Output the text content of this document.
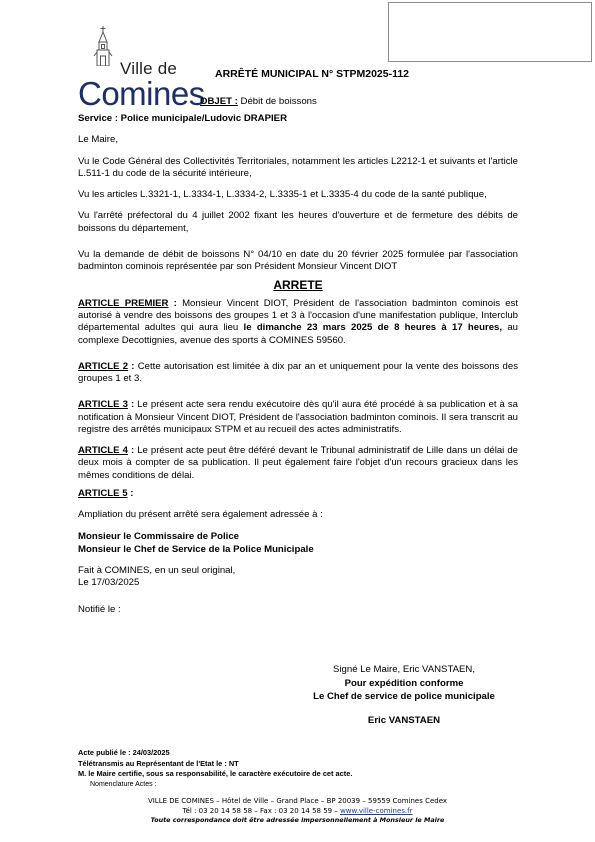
Ville de
Comines
ARRÊTÉ MUNICIPAL N° STPM2025-112
OBJET : Débit de boissons

Service : Police municipale/Ludovic DRAPIER

Le Maire,

Vu le Code Général des Collectivités Territoriales, notamment les articles L2212-1 et suivants et l'article L.511-1 du code de la sécurité intérieure,

Vu les articles L.3321-1, L.3334-1, L.3334-2, L.3335-1 et L.3335-4 du code de la santé publique,

Vu l'arrêté préfectoral du 4 juillet 2002 fixant les heures d'ouverture et de fermeture des débits de boissons du département,

Vu la demande de débit de boissons N° 04/10 en date du 20 février 2025 formulée par l'association badminton cominois représentée par son Président Monsieur Vincent DIOT

ARRETE

ARTICLE PREMIER : Monsieur Vincent DIOT, Président de l'association badminton cominois est autorisé à vendre des boissons des groupes 1 et 3 à l'occasion d'une manifestation publique, Interclub départemental adultes qui aura lieu le dimanche 23 mars 2025 de 8 heures à 17 heures, au complexe Decottignies, avenue des sports à COMINES 59560.

ARTICLE 2 : Cette autorisation est limitée à dix par an et uniquement pour la vente des boissons des groupes 1 et 3.

ARTICLE 3 : Le présent acte sera rendu exécutoire dès qu'il aura été procédé à sa publication et à sa notification à Monsieur Vincent DIOT, Président de l'association badminton cominois. Il sera transcrit au registre des arrêtés municipaux STPM et au recueil des actes administratifs.

ARTICLE 4 : Le présent acte peut être déféré devant le Tribunal administratif de Lille dans un délai de deux mois à compter de sa publication. Il peut également faire l'objet d'un recours gracieux dans les mêmes conditions de délai.

ARTICLE 5 :

Ampliation du présent arrêté sera également adressée à :

Monsieur le Commissaire de Police

Monsieur le Chef de Service de la Police Municipale

Fait à COMINES, en un seul original,

Le 17/03/2025

Notifié le :

Signé Le Maire, Eric VANSTAEN,
Pour expédition conforme
Le Chef de service de police municipale
Eric VANSTAEN
Acte publié le : 24/03/2025
Télétransmis au Représentant de l'Etat le : NT
M. le Maire certifie, sous sa responsabilité, le caractère exécutoire de cet acte.
Nomenclature Actes :
VILLE DE COMINES – Hôtel de Ville – Grand Place – BP 20039 – 59559 Comines Cedex
Tél : 03 20 14 58 58 – Fax : 03 20 14 58 59 – www.ville-comines.fr
Toute correspondance doit être adressée impersonnellement à Monsieur le Maire
